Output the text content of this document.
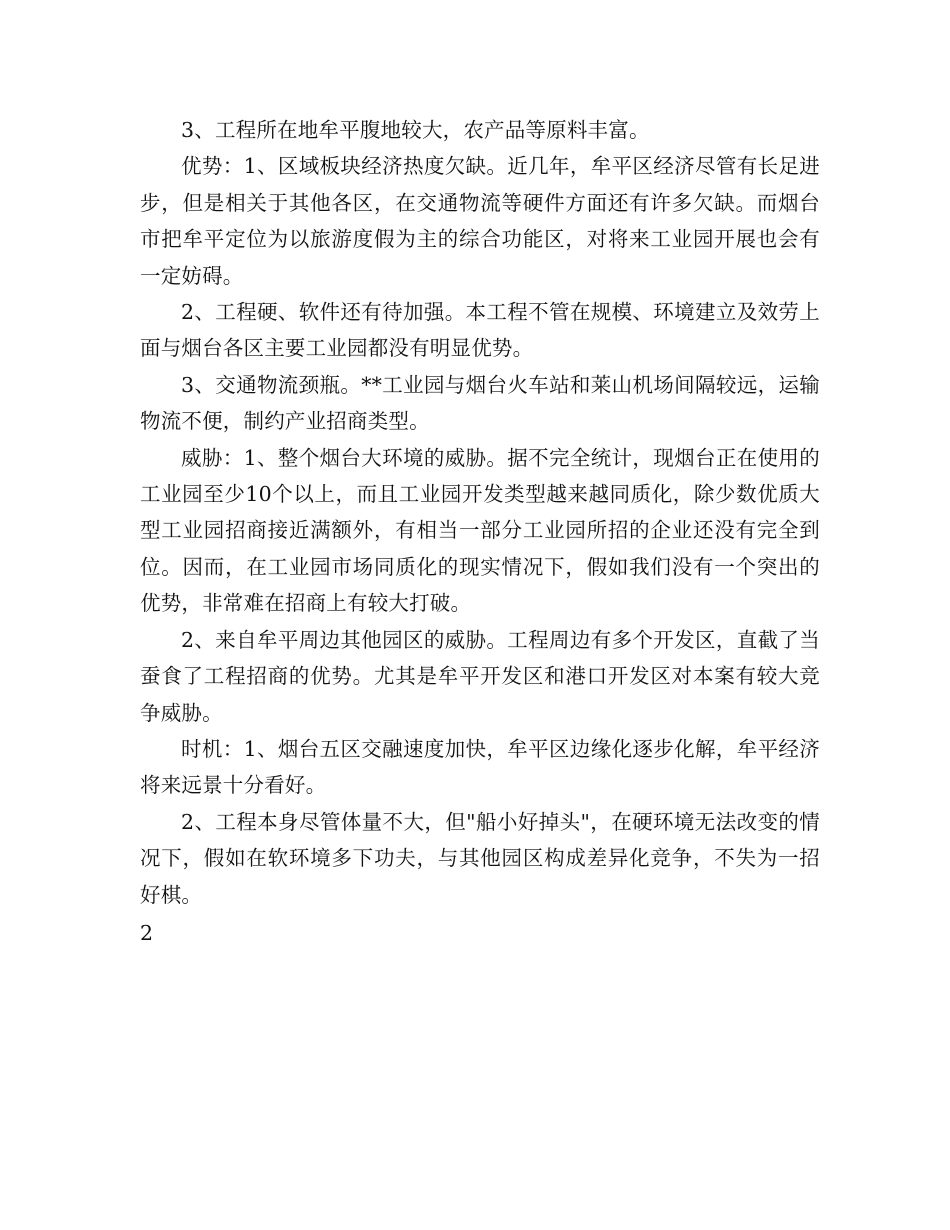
3、工程所在地牟平腹地较大，农产品等原料丰富。

优势：1、区域板块经济热度欠缺。近几年，牟平区经济尽管有长足进步，但是相关于其他各区，在交通物流等硬件方面还有许多欠缺。而烟台市把牟平定位为以旅游度假为主的综合功能区，对将来工业园开展也会有一定妨碍。

2、工程硬、软件还有待加强。本工程不管在规模、环境建立及效劳上面与烟台各区主要工业园都没有明显优势。

3、交通物流颈瓶。**工业园与烟台火车站和莱山机场间隔较远，运输物流不便，制约产业招商类型。

威胁：1、整个烟台大环境的威胁。据不完全统计，现烟台正在使用的工业园至少10个以上，而且工业园开发类型越来越同质化，除少数优质大型工业园招商接近满额外，有相当一部分工业园所招的企业还没有完全到位。因而，在工业园市场同质化的现实情况下，假如我们没有一个突出的优势，非常难在招商上有较大打破。

2、来自牟平周边其他园区的威胁。工程周边有多个开发区，直截了当蚕食了工程招商的优势。尤其是牟平开发区和港口开发区对本案有较大竞争威胁。

时机：1、烟台五区交融速度加快，牟平区边缘化逐步化解，牟平经济将来远景十分看好。

2、工程本身尽管体量不大，但"船小好掉头"，在硬环境无法改变的情况下，假如在软环境多下功夫，与其他园区构成差异化竞争，不失为一招好棋。

2
